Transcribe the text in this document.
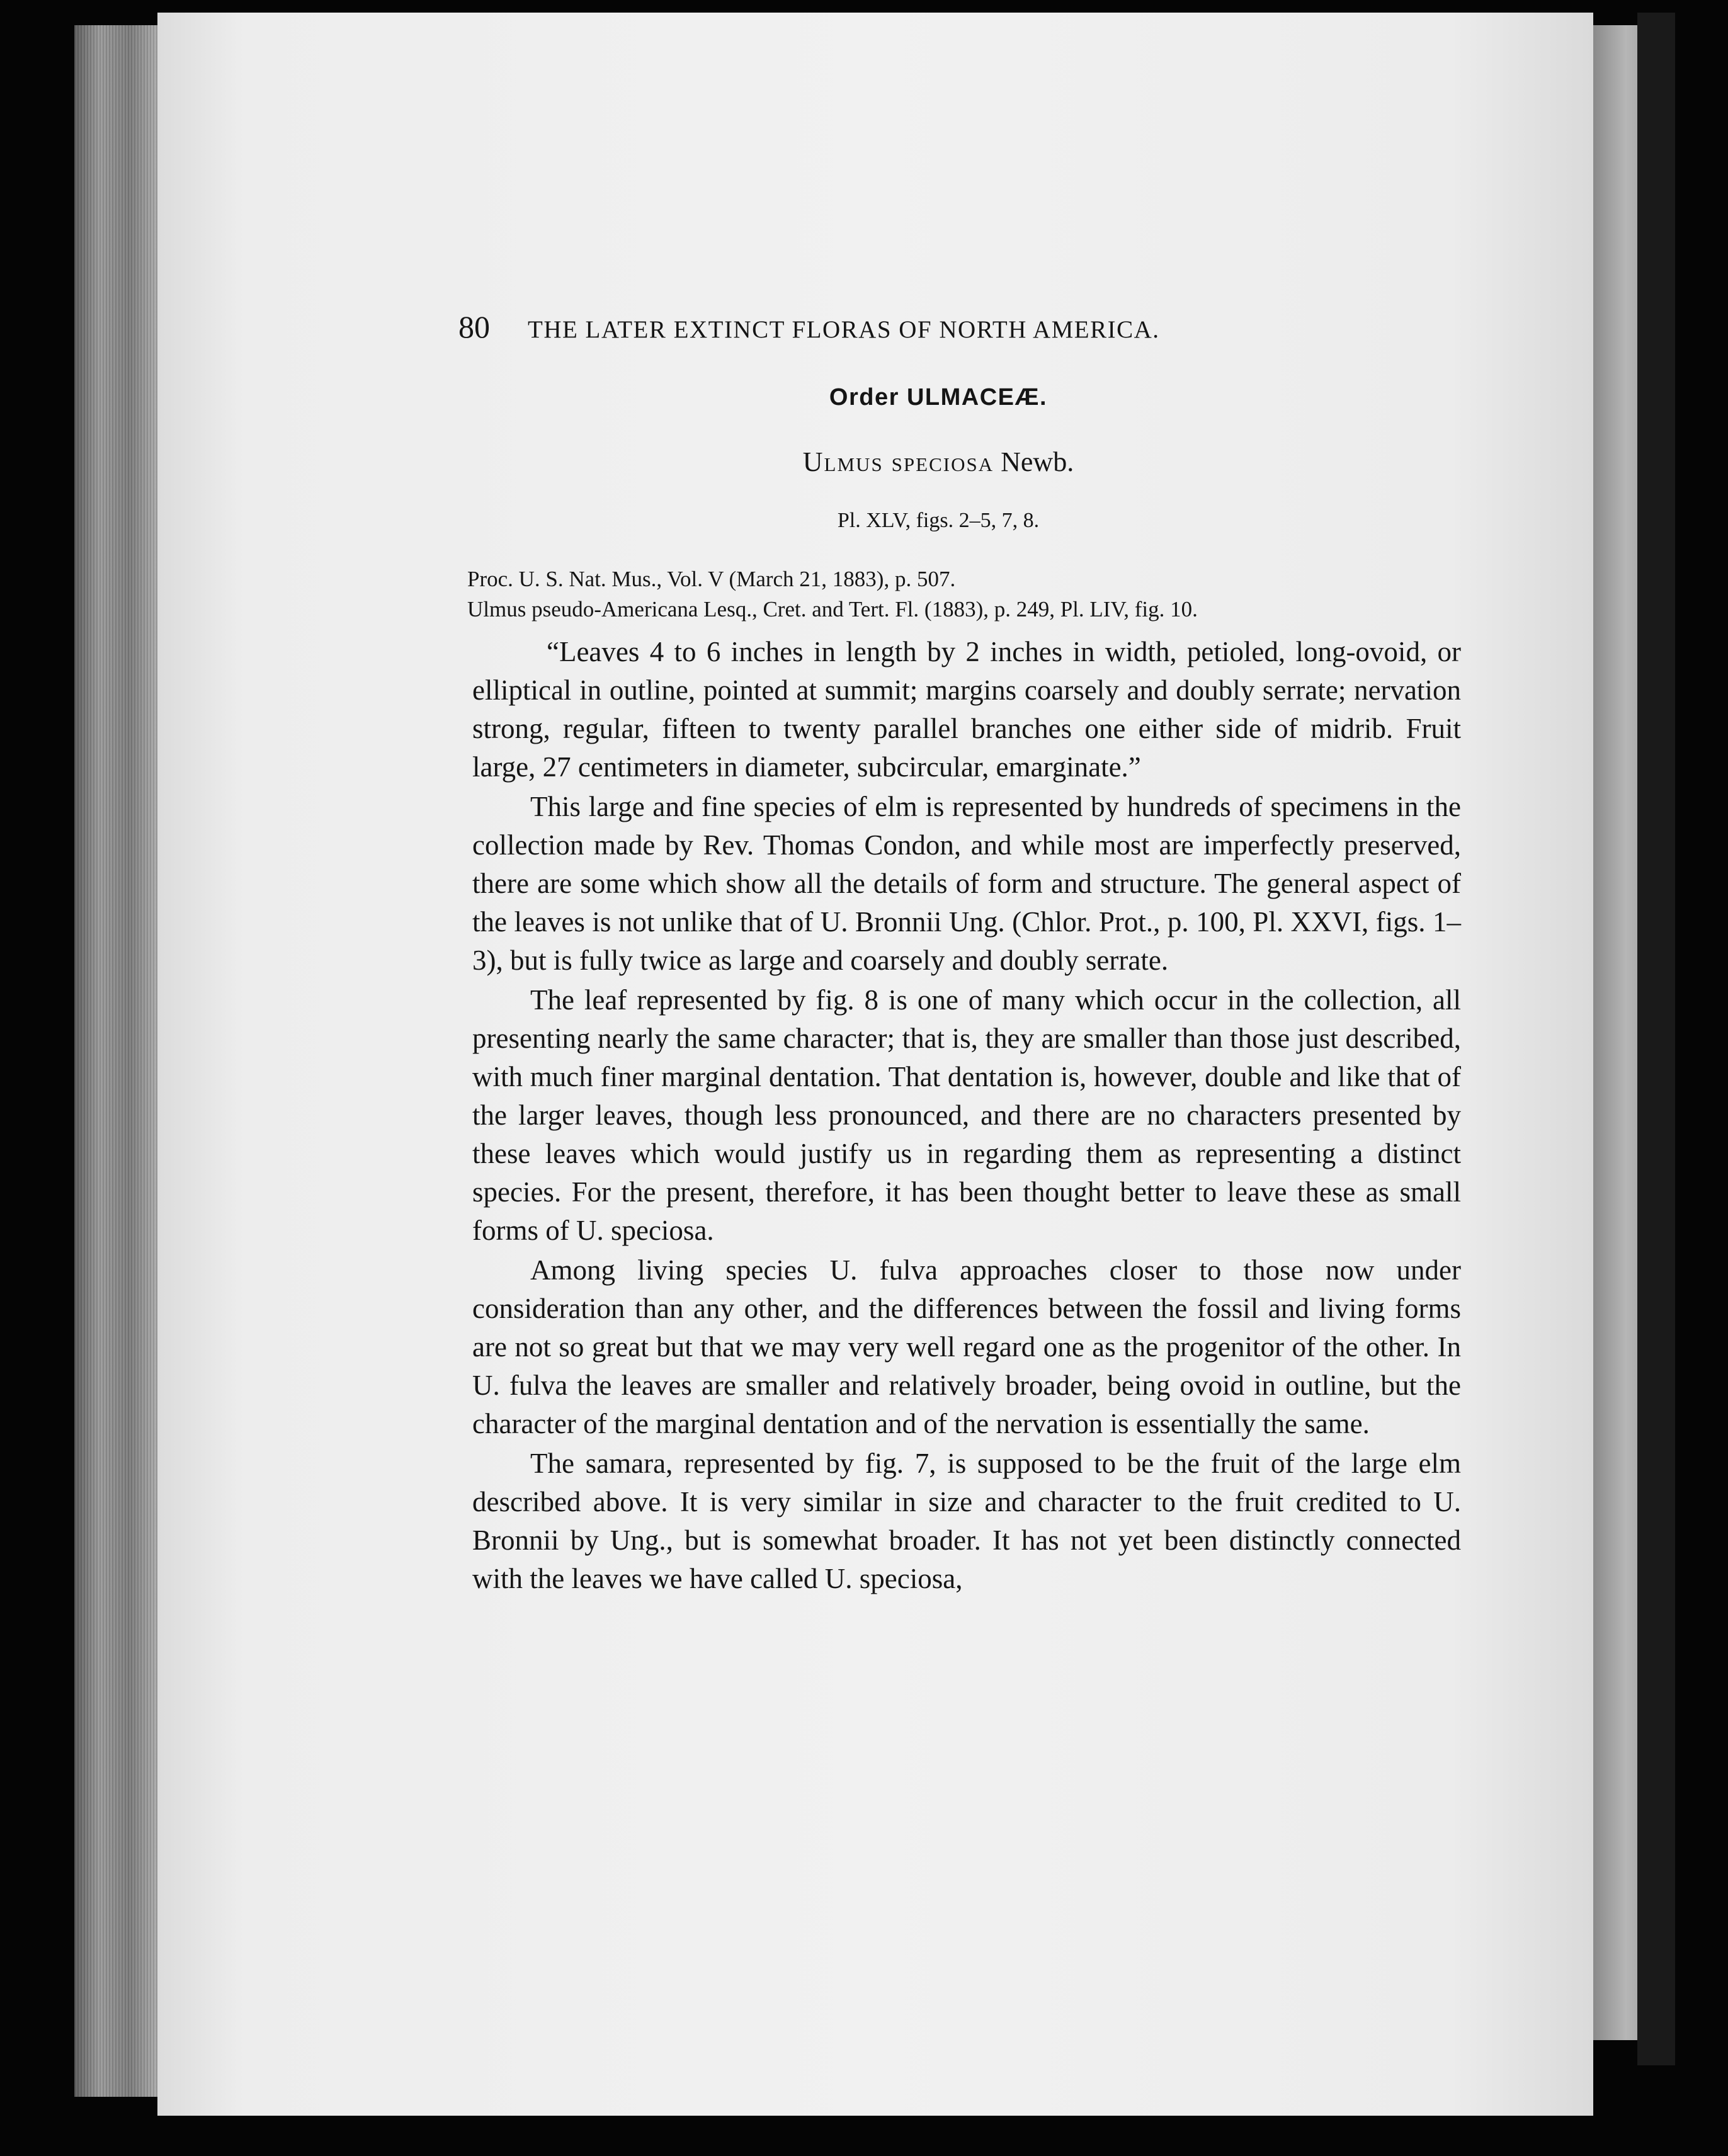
80	THE LATER EXTINCT FLORAS OF NORTH AMERICA.
Order ULMACEÆ.
Ulmus speciosa Newb.
Pl. XLV, figs. 2–5, 7, 8.
Proc. U. S. Nat. Mus., Vol. V (March 21, 1883), p. 507.
Ulmus pseudo-Americana Lesq., Cret. and Tert. Fl. (1883), p. 249, Pl. LIV, fig. 10.

“Leaves 4 to 6 inches in length by 2 inches in width, petioled, long-ovoid, or elliptical in outline, pointed at summit; margins coarsely and doubly serrate; nervation strong, regular, fifteen to twenty parallel branches one either side of midrib. Fruit large, 27 centimeters in diameter, subcircular, emarginate.”

This large and fine species of elm is represented by hundreds of specimens in the collection made by Rev. Thomas Condon, and while most are imperfectly preserved, there are some which show all the details of form and structure. The general aspect of the leaves is not unlike that of U. Bronnii Ung. (Chlor. Prot., p. 100, Pl. XXVI, figs. 1–3), but is fully twice as large and coarsely and doubly serrate.

The leaf represented by fig. 8 is one of many which occur in the collection, all presenting nearly the same character; that is, they are smaller than those just described, with much finer marginal dentation. That dentation is, however, double and like that of the larger leaves, though less pronounced, and there are no characters presented by these leaves which would justify us in regarding them as representing a distinct species. For the present, therefore, it has been thought better to leave these as small forms of U. speciosa.

Among living species U. fulva approaches closer to those now under consideration than any other, and the differences between the fossil and living forms are not so great but that we may very well regard one as the progenitor of the other. In U. fulva the leaves are smaller and relatively broader, being ovoid in outline, but the character of the marginal dentation and of the nervation is essentially the same.

The samara, represented by fig. 7, is supposed to be the fruit of the large elm described above. It is very similar in size and character to the fruit credited to U. Bronnii by Ung., but is somewhat broader. It has not yet been distinctly connected with the leaves we have called U. speciosa,
